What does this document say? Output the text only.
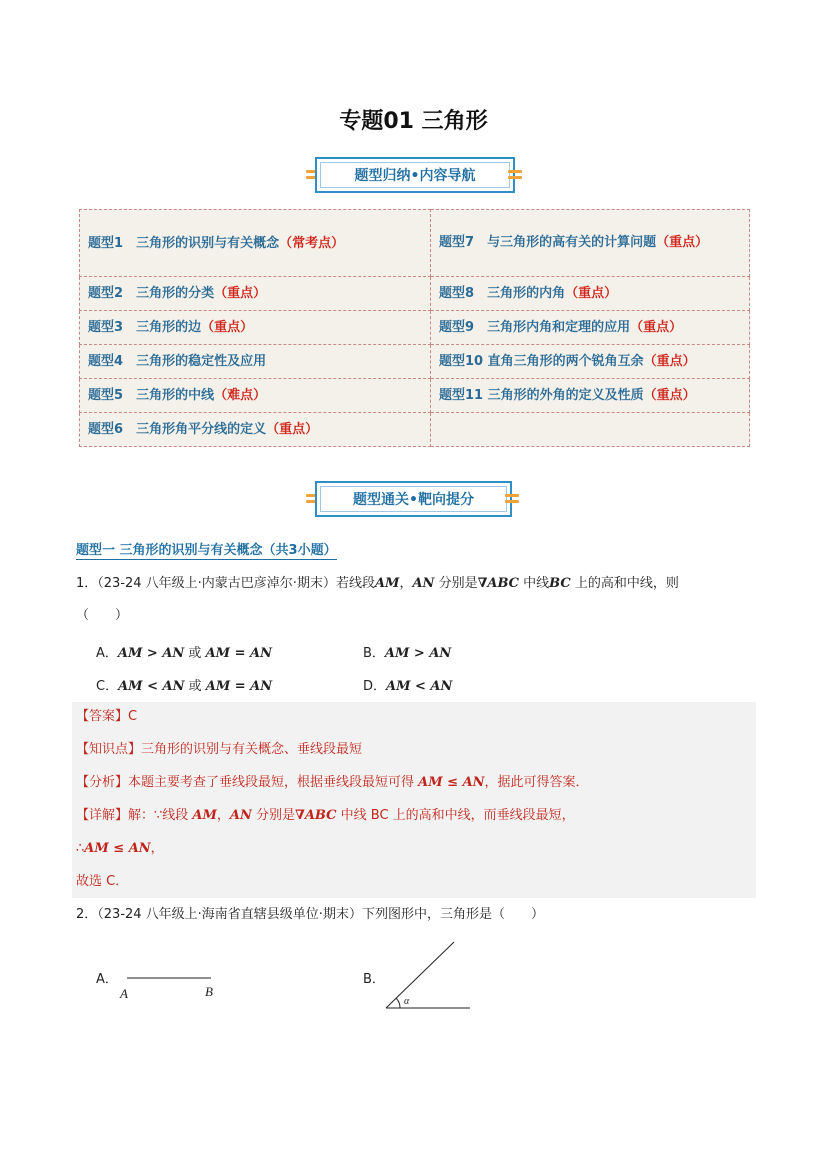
专题01 三角形
题型归纳•内容导航
题型1　 三角形的识别与有关概念（常考点）	题型7　 与三角形的高有关的计算问题（重点）
题型2　 三角形的分类（重点）	题型8　 三角形的内角（重点）
题型3　 三角形的边（重点）	题型9　 三角形内角和定理的应用（重点）
题型4　 三角形的稳定性及应用	题型10 直角三角形的两个锐角互余（重点）
题型5　 三角形的中线（难点）	题型11 三角形的外角的定义及性质（重点）
题型6　 三角形角平分线的定义（重点）	
题型通关•靶向提分
题型一 三角形的识别与有关概念（共3小题）
1．（23-24 八年级上·内蒙古巴彦淖尔·期末）若线段AM，AN 分别是∇ABC 中线BC 上的高和中线，则
（　　）
A．AM > AN 或 AM = AN	B．AM > AN
C．AM < AN 或 AM = AN	D．AM < AN
【答案】C
【知识点】三角形的识别与有关概念、垂线段最短
【分析】本题主要考查了垂线段最短，根据垂线段最短可得 AM ≤ AN，据此可得答案．
【详解】解：∵线段 AM，AN 分别是∇ABC 中线 BC 上的高和中线，而垂线段最短，
∴AM ≤ AN，
故选 C．
2．（23-24 八年级上·海南省直辖县级单位·期末）下列图形中，三角形是（　　）
A．
A	B
B．
α
